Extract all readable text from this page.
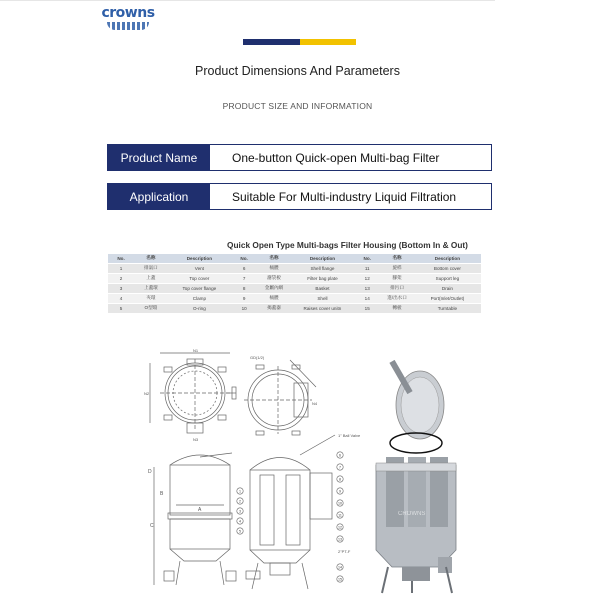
crowns
Product Dimensions And Parameters
PRODUCT SIZE AND INFORMATION
Product Name	One-button Quick-open Multi-bag Filter
Application	Suitable For Multi-industry Liquid Filtration
Quick Open Type Multi-bags Filter Housing (Bottom In & Out)
No.	名称	Description	No.	名称	Description	No.	名称	Description
1	排氣口	Vent	6	桶體	Shell flange	11	旋桿	Bottom cover
2	上蓋	Top cover	7	濾袋板	Filter bag plate	12	腳架	Support leg
3	上蓋環	Top cover flange	8	金屬內網	Basket	13	排污口	Drain
4	夾環	Clamp	9	桶體	Shell	14	進/出水口	Port(Inlet/Outlet)
5	O型環	O-ring	10	揭蓋器	Raises cover unitn	15	轉板	Turntable
N1
N2
N3
GD(1/2)
N4
D
C
B
A
1" Ball Valve
2"PT-F
1
2
3
4
5
6
7
8
9
10
11
12
13
14
15
CROWNS
